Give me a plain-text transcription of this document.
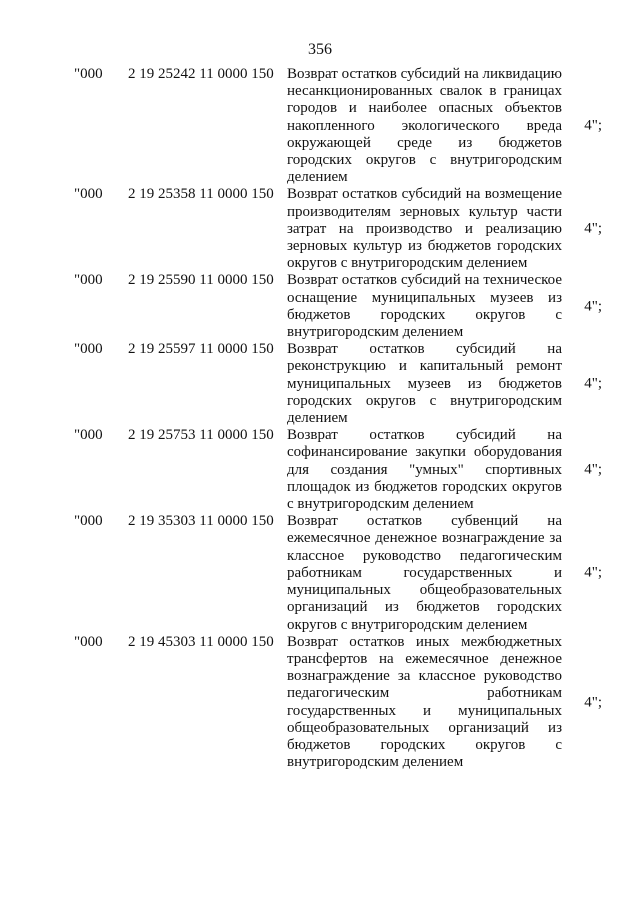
356
"000 2 19 25242 11 0000 150 Возврат остатков субсидий на ликвидацию несанкционированных свалок в границах городов и наиболее опасных объектов накопленного экологического вреда окружающей среде из бюджетов городских округов с внутригородским делением
4";
"000 2 19 25358 11 0000 150 Возврат остатков субсидий на возмещение производителям зерновых культур части затрат на производство и реализацию зерновых культур из бюджетов городских округов с внутригородским делением
4";
"000 2 19 25590 11 0000 150 Возврат остатков субсидий на техническое оснащение муниципальных музеев из бюджетов городских округов с внутригородским делением
4";
"000 2 19 25597 11 0000 150 Возврат остатков субсидий на реконструкцию и капитальный ремонт муниципальных музеев из бюджетов городских округов с внутригородским делением
4";
"000 2 19 25753 11 0000 150 Возврат остатков субсидий на софинансирование закупки оборудования для создания "умных" спортивных площадок из бюджетов городских округов с внутригородским делением
4";
"000 2 19 35303 11 0000 150 Возврат остатков субвенций на ежемесячное денежное вознаграждение за классное руководство педагогическим работникам государственных и муниципальных общеобразовательных организаций из бюджетов городских округов с внутригородским делением
4";
"000 2 19 45303 11 0000 150 Возврат остатков иных межбюджетных трансфертов на ежемесячное денежное вознаграждение за классное руководство педагогическим работникам государственных и муниципальных общеобразовательных организаций из бюджетов городских округов с внутригородским делением
4";
